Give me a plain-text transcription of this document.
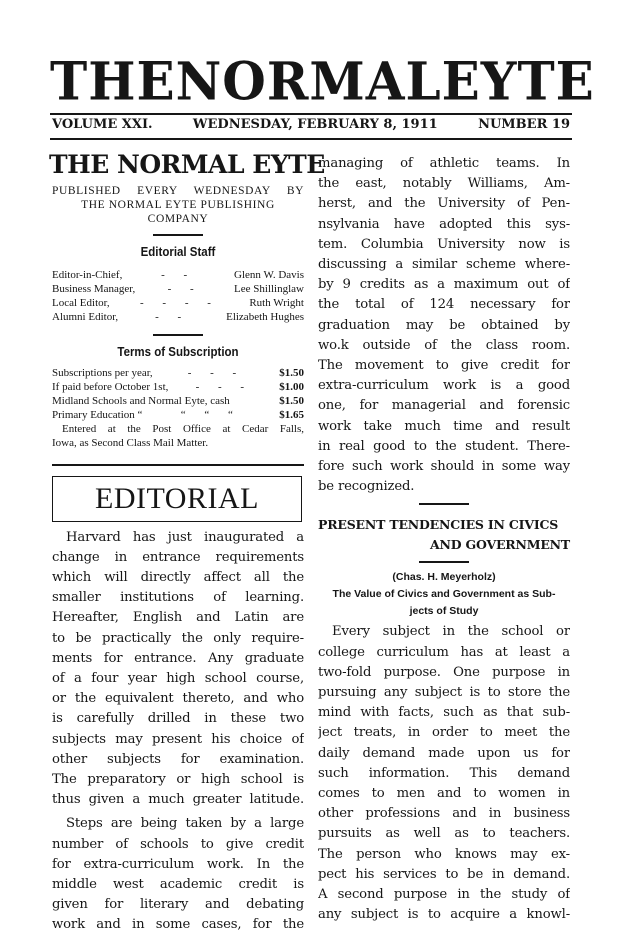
THE NORMAL EYTE
VOLUME XXI.	WEDNESDAY, FEBRUARY 8, 1911	NUMBER 19
THE NORMAL EYTE
PUBLISHED EVERY WEDNESDAY BY
THE NORMAL EYTE PUBLISHING
COMPANY
Editorial Staff
Editor-in-Chief,	- -	Glenn W. Davis
Business Manager,	- -	Lee Shillinglaw
Local Editor,	- - - -	Ruth Wright
Alumni Editor,	- -	Elizabeth Hughes
Terms of Subscription
Subscriptions per year,	- - -	$1.50
If paid before October 1st,	- - -	$1.00
Midland Schools and Normal Eyte, cash	$1.50
Primary Education “	“ “ “	$1.65
Entered at the Post Office at Cedar Falls,
Iowa, as Second Class Mail Matter.
EDITORIAL
Harvard has just inaugurated a
change in entrance requirements
which will directly affect all the
smaller institutions of learning.
Hereafter, English and Latin are
to be practically the only require-
ments for entrance. Any graduate
of a four year high school course,
or the equivalent thereto, and who
is carefully drilled in these two
subjects may present his choice of
other subjects for examination.
The preparatory or high school is
thus given a much greater latitude.
Steps are being taken by a large
number of schools to give credit
for extra-curriculum work. In the
middle west academic credit is
given for literary and debating
work and in some cases, for the
managing of athletic teams. In
the east, notably Williams, Am-
herst, and the University of Pen-
nsylvania have adopted this sys-
tem. Columbia University now is
discussing a similar scheme where-
by 9 credits as a maximum out of
the total of 124 necessary for
graduation may be obtained by
wo.k outside of the class room.
The movement to give credit for
extra-curriculum work is a good
one, for managerial and forensic
work take much time and result
in real good to the student. There-
fore such work should in some way
be recognized.
PRESENT TENDENCIES IN CIVICS
AND GOVERNMENT
(Chas. H. Meyerholz)
The Value of Civics and Government as Sub-
jects of Study
Every subject in the school or
college curriculum has at least a
two-fold purpose. One purpose in
pursuing any subject is to store the
mind with facts, such as that sub-
ject treats, in order to meet the
daily demand made upon us for
such information. This demand
comes to men and to women in
other professions and in business
pursuits as well as to teachers.
The person who knows may ex-
pect his services to be in demand.
A second purpose in the study of
any subject is to acquire a knowl-
